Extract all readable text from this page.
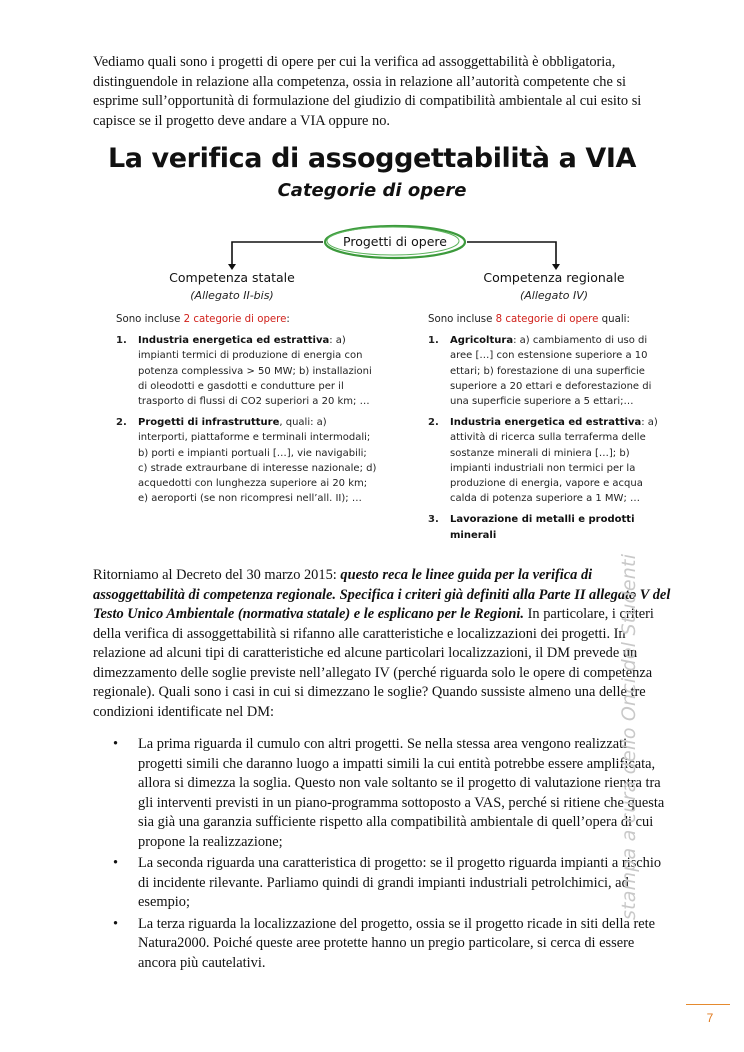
Vediamo quali sono i progetti di opere per cui la verifica ad assoggettabilità è obbligatoria, distinguendole in relazione alla competenza, ossia in relazione all’autorità competente che si esprime sull’opportunità di formulazione del giudizio di compatibilità ambientale al cui esito si capisce se il progetto deve andare a VIA oppure no.

La verifica di assoggettabilità a VIA
Categorie di opere
Progetti di opere
Competenza statale
(Allegato II-bis)
Competenza regionale
(Allegato IV)

Sono incluse 2 categorie di opere:

1. Industria energetica ed estrattiva: a) impianti termici di produzione di energia con potenza complessiva > 50 MW; b) installazioni di oleodotti e gasdotti e condutture per il trasporto di flussi di CO2 superiori a 20 km; …
2. Progetti di infrastrutture, quali: a) interporti, piattaforme e terminali intermodali; b) porti e impianti portuali […], vie navigabili; c) strade extraurbane di interesse nazionale; d) acquedotti con lunghezza superiore ai 20 km; e) aeroporti (se non ricompresi nell’all. II); …

Sono incluse 8 categorie di opere quali:

1. Agricoltura: a) cambiamento di uso di aree […] con estensione superiore a 10 ettari; b) forestazione di una superficie superiore a 20 ettari e deforestazione di una superficie superiore a 5 ettari;…
2. Industria energetica ed estrattiva: a) attività di ricerca sulla terraferma delle sostanze minerali di miniera […]; b) impianti industriali non termici per la produzione di energia, vapore e acqua calda di potenza superiore a 1 MW; …
3. Lavorazione di metalli e prodotti minerali

Ritorniamo al Decreto del 30 marzo 2015: questo reca le linee guida per la verifica di assoggettabilità di competenza regionale. Specifica i criteri già definiti alla Parte II allegato V del Testo Unico Ambientale (normativa statale) e le esplicano per le Regioni. In particolare, i criteri della verifica di assoggettabilità si rifanno alle caratteristiche e localizzazioni dei progetti. In relazione ad alcuni tipi di caratteristiche ed alcune particolari localizzazioni, il DM prevede un dimezzamento delle soglie previste nell’allegato IV (perché riguarda solo le opere di competenza regionale). Quali sono i casi in cui si dimezzano le soglie? Quando sussiste almeno una delle tre condizioni identificate nel DM:

• La prima riguarda il cumulo con altri progetti. Se nella stessa area vengono realizzati progetti simili che daranno luogo a impatti simili la cui entità potrebbe essere amplificata, allora si dimezza la soglia. Questo non vale soltanto se il progetto di valutazione rientra tra gli interventi previsti in un piano-programma sottoposto a VAS, perché si ritiene che questa sia già una garanzia sufficiente rispetto alla compatibilità ambientale di quell’opera di cui propone la realizzazione;
• La seconda riguarda una caratteristica di progetto: se il progetto riguarda impianti a rischio di incidente rilevante. Parliamo quindi di grandi impianti industriali petrolchimici, ad esempio;
• La terza riguarda la localizzazione del progetto, ossia se il progetto ricade in siti della rete Natura2000. Poiché queste aree protette hanno un pregio particolare, si cerca di essere ancora più cautelativi.
stampa a cura dello Onci del Studenti
7
